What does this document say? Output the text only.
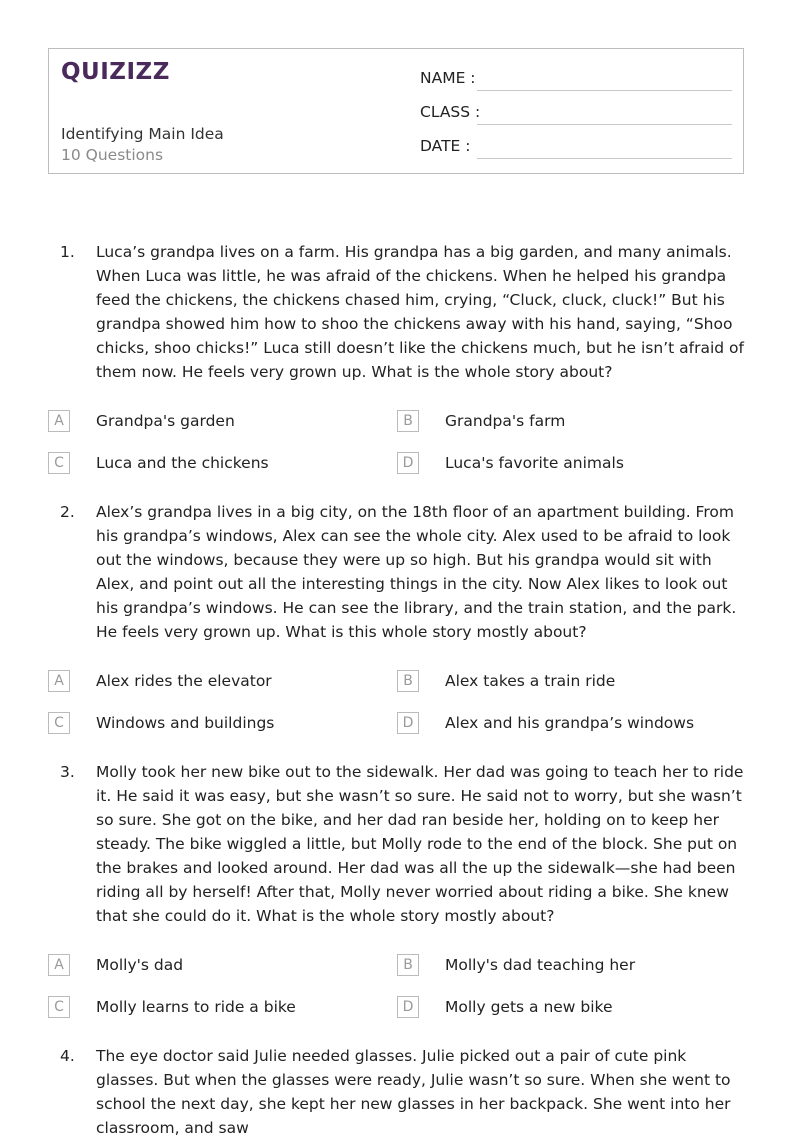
QUIZIZZ
Identifying Main Idea
10 Questions
NAME :
CLASS :
DATE :
1. Luca’s grandpa lives on a farm. His grandpa has a big garden, and many animals. When Luca was little, he was afraid of the chickens. When he helped his grandpa feed the chickens, the chickens chased him, crying, “Cluck, cluck, cluck!” But his grandpa showed him how to shoo the chickens away with his hand, saying, “Shoo chicks, shoo chicks!” Luca still doesn’t like the chickens much, but he isn’t afraid of them now. He feels very grown up. What is the whole story about?

A	Grandpa's garden	B	Grandpa's farm
C	Luca and the chickens	D	Luca's favorite animals
2. Alex’s grandpa lives in a big city, on the 18th floor of an apartment building. From his grandpa’s windows, Alex can see the whole city. Alex used to be afraid to look out the windows, because they were up so high. But his grandpa would sit with Alex, and point out all the interesting things in the city. Now Alex likes to look out his grandpa’s windows. He can see the library, and the train station, and the park. He feels very grown up. What is this whole story mostly about?

A	Alex rides the elevator	B	Alex takes a train ride
C	Windows and buildings	D	Alex and his grandpa’s windows
3. Molly took her new bike out to the sidewalk. Her dad was going to teach her to ride it. He said it was easy, but she wasn’t so sure. He said not to worry, but she wasn’t so sure. She got on the bike, and her dad ran beside her, holding on to keep her steady. The bike wiggled a little, but Molly rode to the end of the block. She put on the brakes and looked around. Her dad was all the up the sidewalk—she had been riding all by herself! After that, Molly never worried about riding a bike. She knew that she could do it. What is the whole story mostly about?

A	Molly's dad	B	Molly's dad teaching her
C	Molly learns to ride a bike	D	Molly gets a new bike
4. The eye doctor said Julie needed glasses. Julie picked out a pair of cute pink glasses. But when the glasses were ready, Julie wasn’t so sure. When she went to school the next day, she kept her new glasses in her backpack. She went into her classroom, and saw
